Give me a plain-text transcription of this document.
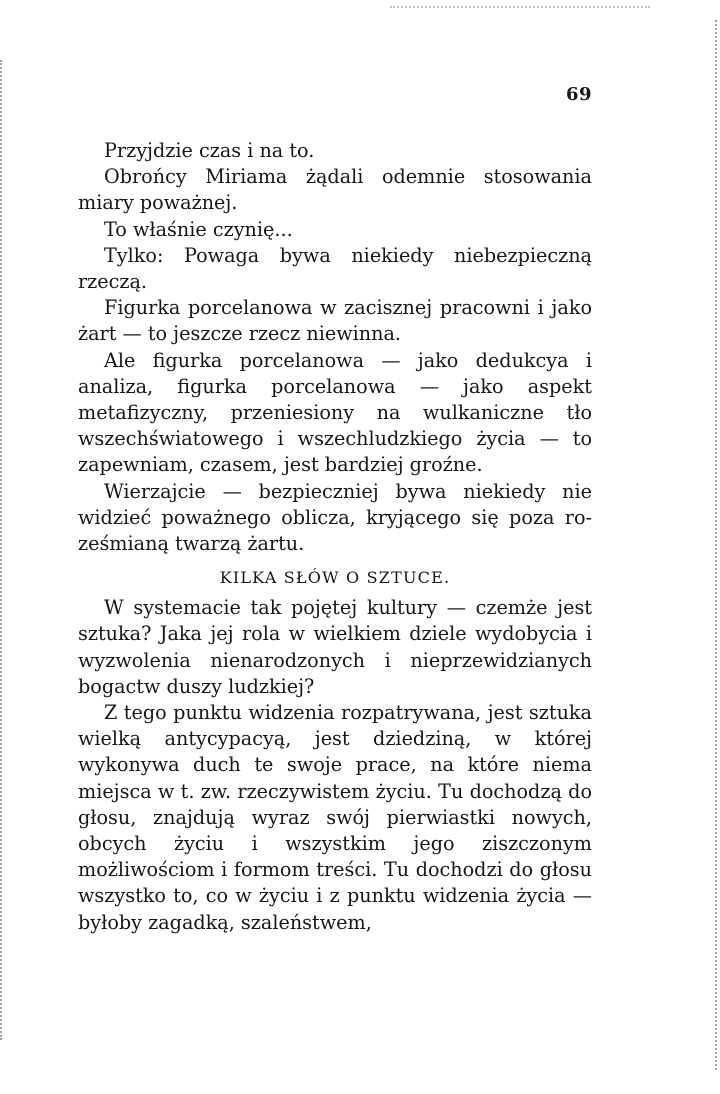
69

Przyjdzie czas i na to.

Obrońcy Miriama żądali odemnie stosowania miary poważnej.

To właśnie czynię...

Tylko: Powaga bywa niekiedy niebezpieczną rzeczą.

Figurka porcelanowa w zacisznej pracowni i jako żart — to jeszcze rzecz niewinna.

Ale figurka porcelanowa — jako dedukcya i analiza, figurka porcelanowa — jako aspekt metafizyczny, przeniesiony na wulkaniczne tło wszechświatowego i wszechludzkiego życia — to zapewniam, czasem, jest bardziej groźne.

Wierzajcie — bezpieczniej bywa niekiedy nie widzieć poważnego oblicza, kryjącego się poza roześmianą twarzą żartu.

KILKA SŁÓW O SZTUCE.

W systemacie tak pojętej kultury — czemże jest sztuka? Jaka jej rola w wielkiem dziele wydobycia i wyzwolenia nienarodzonych i nieprzewidzianych bogactw duszy ludzkiej?

Z tego punktu widzenia rozpatrywana, jest sztuka wielką antycypacyą, jest dziedziną, w której wykonywa duch te swoje prace, na które niema miejsca w t. zw. rzeczywistem życiu. Tu dochodzą do głosu, znajdują wyraz swój pierwiastki nowych, obcych życiu i wszystkim jego ziszczonym możliwościom i formom treści. Tu dochodzi do głosu wszystko to, co w życiu i z punktu widzenia życia — byłoby zagadką, szaleństwem,
